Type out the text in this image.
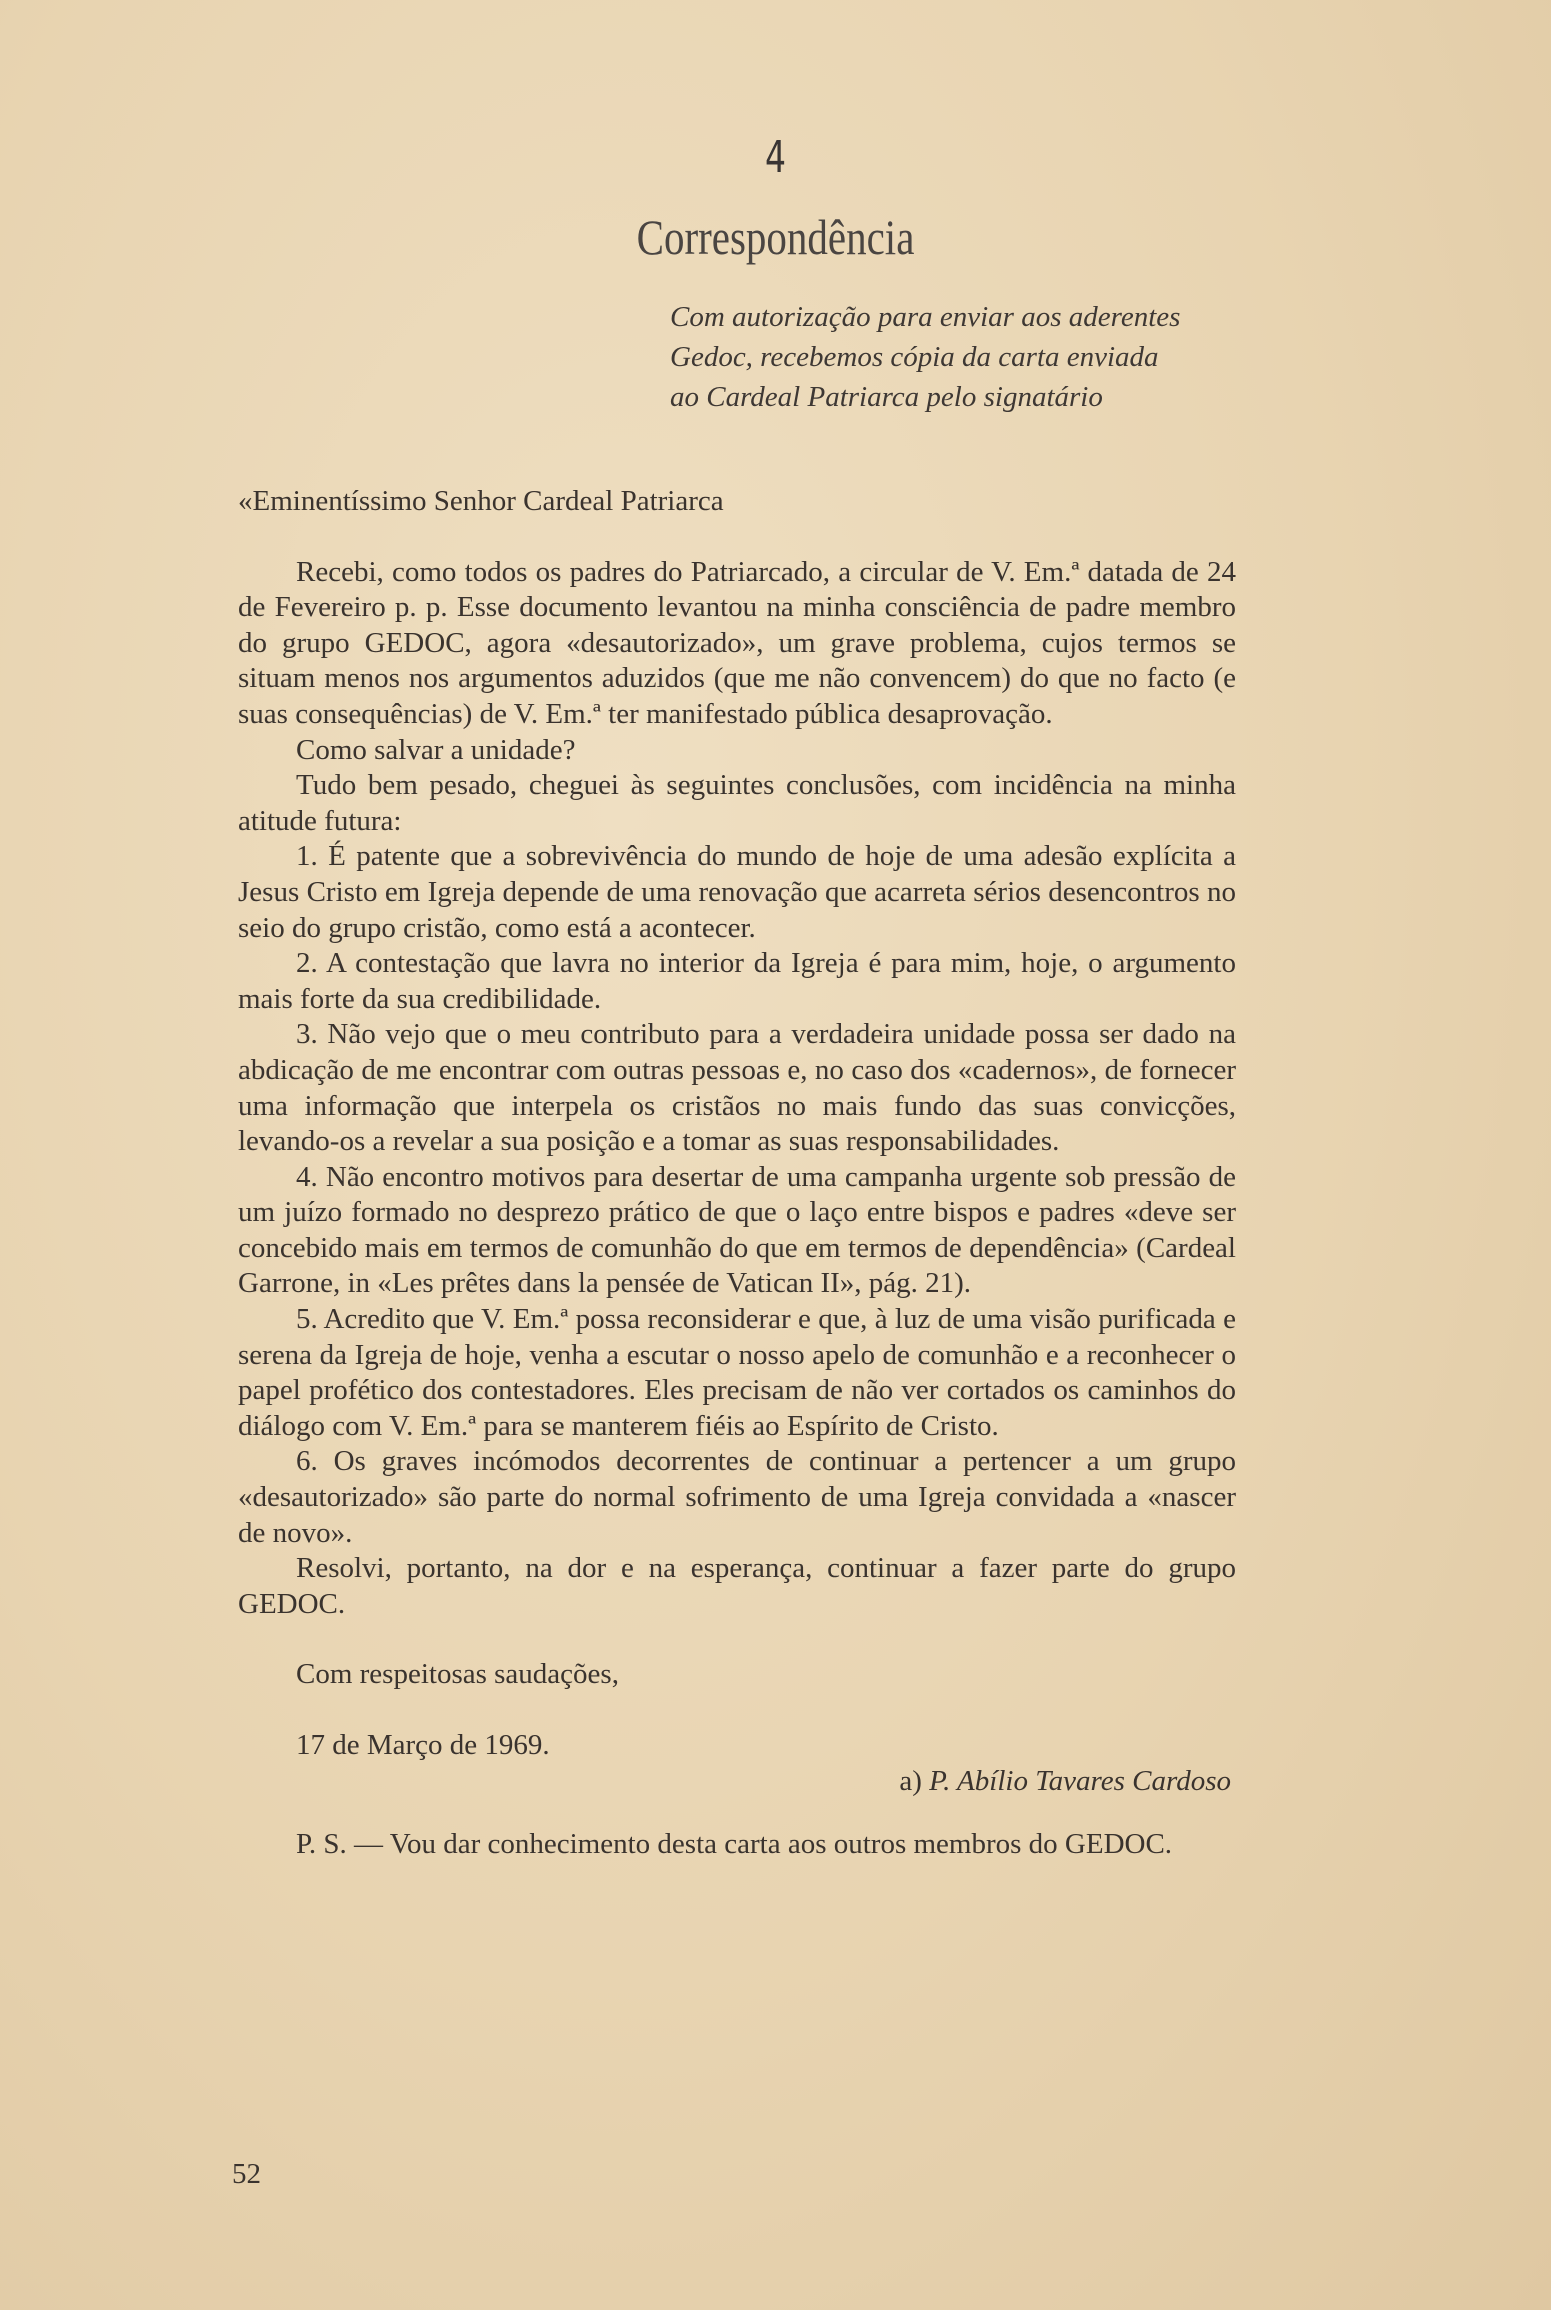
4
Correspondência
Com autorização para enviar aos aderentes
Gedoc, recebemos cópia da carta enviada
ao Cardeal Patriarca pelo signatário

«Eminentíssimo Senhor Cardeal Patriarca

Recebi, como todos os padres do Patriarcado, a circular de V. Em.ª datada de 24 de Fevereiro p. p. Esse documento levantou na minha consciência de padre membro do grupo GEDOC, agora «desautorizado», um grave problema, cujos termos se situam menos nos argumentos aduzidos (que me não convencem) do que no facto (e suas consequências) de V. Em.ª ter manifestado pública desaprovação.

Como salvar a unidade?

Tudo bem pesado, cheguei às seguintes conclusões, com incidência na minha atitude futura:

1. É patente que a sobrevivência do mundo de hoje de uma adesão explícita a Jesus Cristo em Igreja depende de uma renovação que acarreta sérios desencontros no seio do grupo cristão, como está a acontecer.

2. A contestação que lavra no interior da Igreja é para mim, hoje, o argumento mais forte da sua credibilidade.

3. Não vejo que o meu contributo para a verdadeira unidade possa ser dado na abdicação de me encontrar com outras pessoas e, no caso dos «cadernos», de fornecer uma informação que interpela os cristãos no mais fundo das suas convicções, levando-os a revelar a sua posição e a tomar as suas responsabilidades.

4. Não encontro motivos para desertar de uma campanha urgente sob pressão de um juízo formado no desprezo prático de que o laço entre bispos e padres «deve ser concebido mais em termos de comunhão do que em termos de dependência» (Cardeal Garrone, in «Les prêtes dans la pensée de Vatican II», pág. 21).

5. Acredito que V. Em.ª possa reconsiderar e que, à luz de uma visão purificada e serena da Igreja de hoje, venha a escutar o nosso apelo de comunhão e a reconhecer o papel profético dos contestadores. Eles precisam de não ver cortados os caminhos do diálogo com V. Em.ª para se manterem fiéis ao Espírito de Cristo.

6. Os graves incómodos decorrentes de continuar a pertencer a um grupo «desautorizado» são parte do normal sofrimento de uma Igreja convidada a «nascer de novo».

Resolvi, portanto, na dor e na esperança, continuar a fazer parte do grupo GEDOC.

Com respeitosas saudações,

17 de Março de 1969.

a) P. Abílio Tavares Cardoso

P. S. — Vou dar conhecimento desta carta aos outros membros do GEDOC.

52
